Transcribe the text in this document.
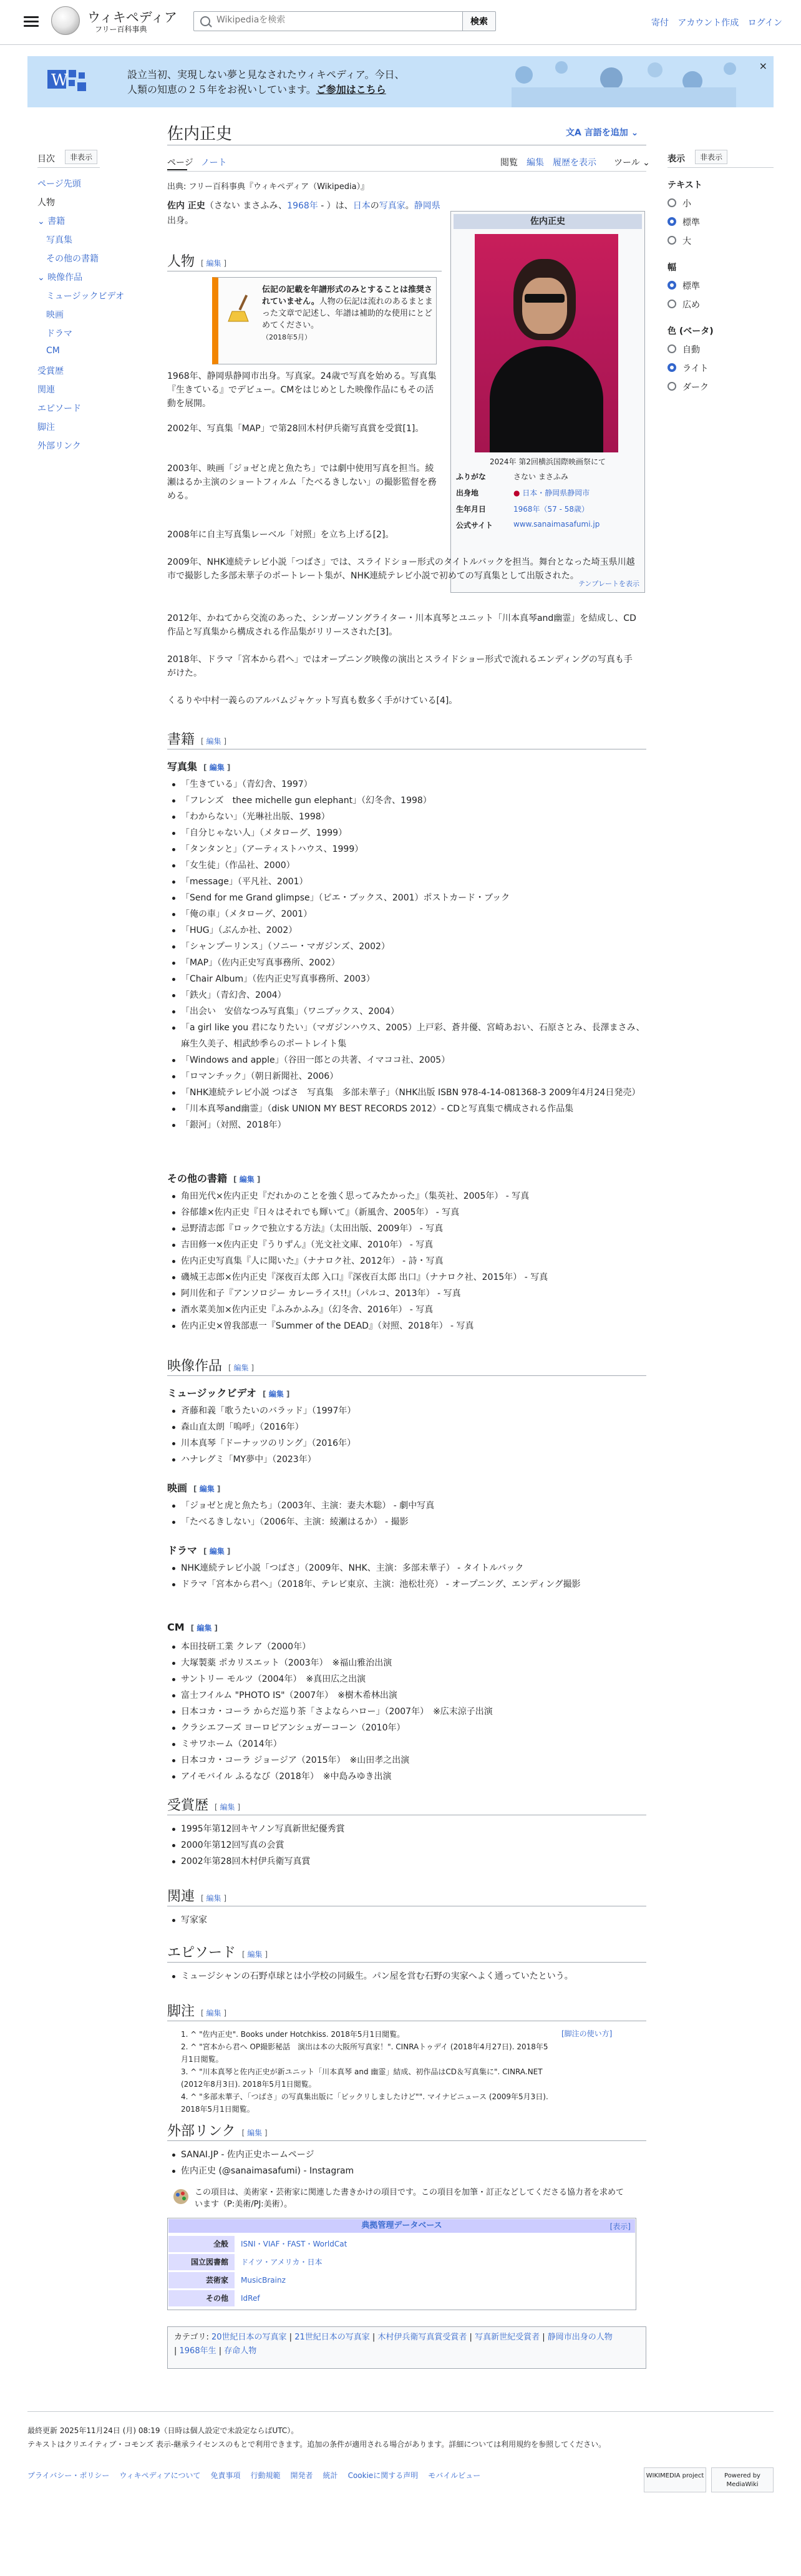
ウィキペディア
フリー百科事典
Wikipediaを検索
検索	寄付 アカウント作成 ログイン
W	設立当初、実現しない夢と見なされたウィキペディア。今日、
人類の知恵の２５年をお祝いしています。ご参加はこちら
×
目次	非表示
ページ先頭
人物
⌄ 書籍
写真集
その他の書籍
⌄ 映像作品
ミュージックビデオ
映画
ドラマ
CM
受賞歴
関連
エピソード
脚注
外部リンク
佐内正史	文A 言語を追加 ⌄
ページ ノート	閲覧 編集 履歴を表示 ツール ⌄
出典: フリー百科事典『ウィキペディア（Wikipedia）』
佐内 正史（さない まさふみ、1968年 - ）は、日本の写真家。静岡県出身。	佐内正史
2024年 第2回横浜国際映画祭にて
ふりがな	さない まさふみ
出身地	● 日本・静岡県静岡市
生年月日	1968年（57 - 58歳）
公式サイト	www.sanaimasafumi.jp
テンプレートを表示
人物 [ 編集 ]
伝記の記載を年譜形式のみとすることは推奨されていません。人物の伝記は流れのあるまとまった文章で記述し、年譜は補助的な使用にとどめてください。
（2018年5月）
1968年、静岡県静岡市出身。写真家。24歳で写真を始める。写真集『生きている』でデビュー。CMをはじめとした映像作品にもその活動を展開。
2002年、写真集「MAP」で第28回木村伊兵衛写真賞を受賞[1]。
2003年、映画「ジョゼと虎と魚たち」では劇中使用写真を担当。綾瀬はるか主演のショートフィルム「たべるきしない」の撮影監督を務める。
2008年に自主写真集レーベル「対照」を立ち上げる[2]。
2009年、NHK連続テレビ小説「つばさ」では、スライドショー形式のタイトルバックを担当。舞台となった埼玉県川越市で撮影した多部未華子のポートレート集が、NHK連続テレビ小説で初めての写真集として出版された。
2012年、かねてから交流のあった、シンガーソングライター・川本真琴とユニット「川本真琴and幽霊」を結成し、CD作品と写真集から構成される作品集がリリースされた[3]。
2018年、ドラマ「宮本から君へ」ではオープニング映像の演出とスライドショー形式で流れるエンディングの写真も手がけた。
くるりや中村一義らのアルバムジャケット写真も数多く手がけている[4]。
書籍 [ 編集 ]
写真集 [ 編集 ]
「生きている」（青幻舎、1997）
「フレンズ　thee michelle gun elephant」（幻冬舎、1998）
「わからない」（光琳社出版、1998）
「自分じゃない人」（メタローグ、1999）
「タンタンと」（アーティストハウス、1999）
「女生徒」（作品社、2000）
「message」（平凡社、2001）
「Send for me Grand glimpse」（ピエ・ブックス、2001）ポストカード・ブック
「俺の車」（メタローグ、2001）
「HUG」（ぶんか社、2002）
「シャンプーリンス」（ソニー・マガジンズ、2002）
「MAP」（佐内正史写真事務所、2002）
「Chair Album」（佐内正史写真事務所、2003）
「鉄火」（青幻舎、2004）
「出会い　安倍なつみ写真集」（ワニブックス、2004）
「a girl like you 君になりたい」（マガジンハウス、2005）上戸彩、蒼井優、宮崎あおい、石原さとみ、長澤まさみ、麻生久美子、相武紗季らのポートレイト集
「Windows and apple」（谷田一郎との共著、イマココ社、2005）
「ロマンチック」（朝日新聞社、2006）
「NHK連続テレビ小説 つばさ　写真集　多部未華子」（NHK出版 ISBN 978-4-14-081368-3 2009年4月24日発売）
「川本真琴and幽霊」（disk UNION MY BEST RECORDS 2012）- CDと写真集で構成される作品集
「銀河」（対照、2018年）
その他の書籍 [ 編集 ]
角田光代×佐内正史『だれかのことを強く思ってみたかった』（集英社、2005年） - 写真
谷郁雄×佐内正史『日々はそれでも輝いて』（新風舎、2005年） - 写真
忌野清志郎『ロックで独立する方法』（太田出版、2009年） - 写真
吉田修一×佐内正史『うりずん』（光文社文庫、2010年） - 写真
佐内正史写真集『人に聞いた』（ナナロク社、2012年） - 詩・写真
磯城王志郎×佐内正史『深夜百太郎 入口』『深夜百太郎 出口』（ナナロク社、2015年） - 写真
阿川佐和子『アンソロジー カレーライス!!』（パルコ、2013年） - 写真
酒水菜美加×佐内正史『ふみかふみ』（幻冬舎、2016年） - 写真
佐内正史×曽我部恵一『Summer of the DEAD』（対照、2018年） - 写真
映像作品 [ 編集 ]
ミュージックビデオ [ 編集 ]
斉藤和義「歌うたいのバラッド」（1997年）
森山直太朗「嗚呼」（2016年）
川本真琴「ドーナッツのリング」（2016年）
ハナレグミ「MY夢中」（2023年）
映画 [ 編集 ]
「ジョゼと虎と魚たち」（2003年、主演：妻夫木聡） - 劇中写真
「たべるきしない」（2006年、主演：綾瀬はるか） - 撮影
ドラマ [ 編集 ]
NHK連続テレビ小説「つばさ」（2009年、NHK、主演：多部未華子） - タイトルバック
ドラマ「宮本から君へ」（2018年、テレビ東京、主演：池松壮亮） - オープニング、エンディング撮影
CM [ 編集 ]
本田技研工業 クレア（2000年）
大塚製薬 ポカリスエット（2003年）　※福山雅治出演
サントリー モルツ（2004年）　※真田広之出演
富士フイルム "PHOTO IS"（2007年）　※樹木希林出演
日本コカ・コーラ からだ巡り茶「さよならハロー」（2007年）　※広末涼子出演
クラシエフーズ ヨーロピアンシュガーコーン（2010年）
ミサワホーム（2014年）
日本コカ・コーラ ジョージア（2015年）　※山田孝之出演
アイモバイル ふるなび（2018年）　※中島みゆき出演
受賞歴 [ 編集 ]
1995年第12回キヤノン写真新世紀優秀賞
2000年第12回写真の会賞
2002年第28回木村伊兵衛写真賞
関連 [ 編集 ]
写家家
エピソード [ 編集 ]
ミュージシャンの石野卓球とは小学校の同級生。パン屋を営む石野の実家へよく通っていたという。
脚注 [ 編集 ]
[脚注の使い方]
1. ^ "佐内正史". Books under Hotchkiss. 2018年5月1日閲覧。
2. ^ "宮本から君へ OP撮影秘話　演出は本の大阪所写真家！". CINRAトゥデイ (2018年4月27日). 2018年5月1日閲覧。
3. ^ "川本真琴と佐内正史が新ユニット「川本真琴 and 幽霊」結成、初作品はCD＆写真集に". CINRA.NET (2012年8月3日). 2018年5月1日閲覧。
4. ^ "多部未華子、「つばさ」の写真集出版に「ビックリしましたけど"". マイナビニュース (2009年5月3日). 2018年5月1日閲覧。
外部リンク [ 編集 ]
SANAI.JP - 佐内正史ホームページ
佐内正史 (@sanaimasafumi) - Instagram
この項目は、美術家・芸術家に関連した書きかけの項目です。この項目を加筆・訂正などしてくださる協力者を求めています（P:美術/PJ:美術）。
典拠管理データベース	[表示]
全般	ISNI・VIAF・FAST・WorldCat
国立図書館	ドイツ・アメリカ・日本
芸術家	MusicBrainz
その他	IdRef
カテゴリ: 20世紀日本の写真家 | 21世紀日本の写真家 | 木村伊兵衛写真賞受賞者 | 写真新世紀受賞者 | 静岡市出身の人物 | 1968年生 | 存命人物
最終更新 2025年11月24日 (月) 08:19（日時は個人設定で未設定ならばUTC）。
テキストはクリエイティブ・コモンズ 表示-継承ライセンスのもとで利用できます。追加の条件が適用される場合があります。詳細については利用規約を参照してください。
プライバシー・ポリシー ウィキペディアについて 免責事項 行動規範 開発者 統計 Cookieに関する声明 モバイルビュー	WIKIMEDIA project	Powered by MediaWiki
表示	非表示
テキスト
小
標準
大
幅
標準
広め
色 (ベータ)
自動
ライト
ダーク
